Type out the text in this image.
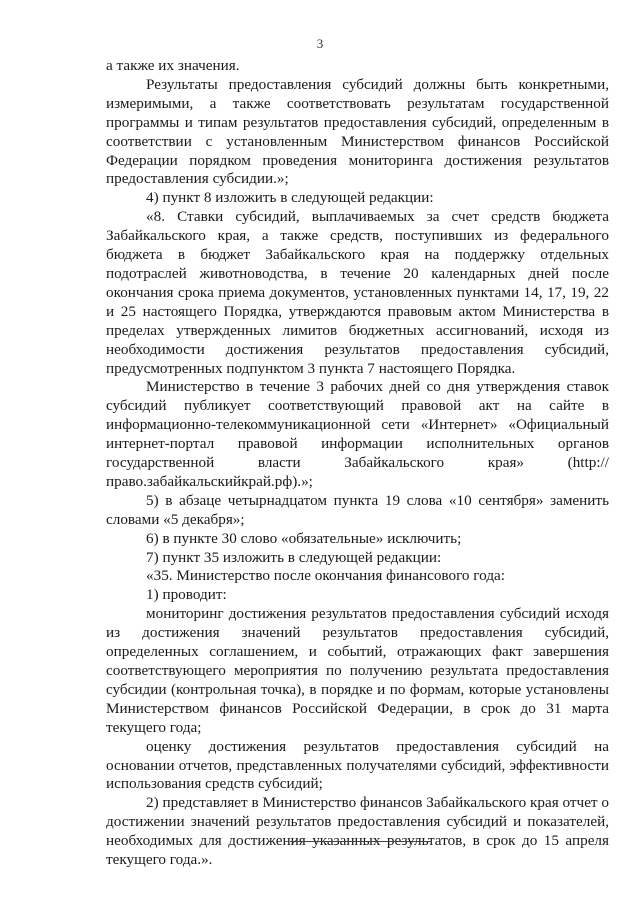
3

а также их значения.

Результаты предоставления субсидий должны быть конкретными, измеримыми, а также соответствовать результатам государственной программы и типам результатов предоставления субсидий, определенным в соответствии с установленным Министерством финансов Российской Федерации порядком проведения мониторинга достижения результатов предоставления субсидии.»;

4) пункт 8 изложить в следующей редакции:

«8. Ставки субсидий, выплачиваемых за счет средств бюджета Забайкальского края, а также средств, поступивших из федерального бюджета в бюджет Забайкальского края на поддержку отдельных подотраслей животноводства, в течение 20 календарных дней после окончания срока приема документов, установленных пунктами 14, 17, 19, 22 и 25 настоящего Порядка, утверждаются правовым актом Министерства в пределах утвержденных лимитов бюджетных ассигнований, исходя из необходимости достижения результатов предоставления субсидий, предусмотренных подпунктом 3 пункта 7 настоящего Порядка.

Министерство в течение 3 рабочих дней со дня утверждения ставок субсидий публикует соответствующий правовой акт на сайте в информационно-телекоммуникационной сети «Интернет» «Официальный интернет-портал правовой информации исполнительных органов государственной власти Забайкальского края» (http://право.забайкальскийкрай.рф).»;

5) в абзаце четырнадцатом пункта 19 слова «10 сентября» заменить словами «5 декабря»;

6) в пункте 30 слово «обязательные» исключить;

7) пункт 35 изложить в следующей редакции:

«35. Министерство после окончания финансового года:

1) проводит:

мониторинг достижения результатов предоставления субсидий исходя из достижения значений результатов предоставления субсидий, определенных соглашением, и событий, отражающих факт завершения соответствующего мероприятия по получению результата предоставления субсидии (контрольная точка), в порядке и по формам, которые установлены Министерством финансов Российской Федерации, в срок до 31 марта текущего года;

оценку достижения результатов предоставления субсидий на основании отчетов, представленных получателями субсидий, эффективности использования средств субсидий;

2) представляет в Министерство финансов Забайкальского края отчет о достижении значений результатов предоставления субсидий и показателей, необходимых для достижения указанных результатов, в срок до 15 апреля текущего года.».
